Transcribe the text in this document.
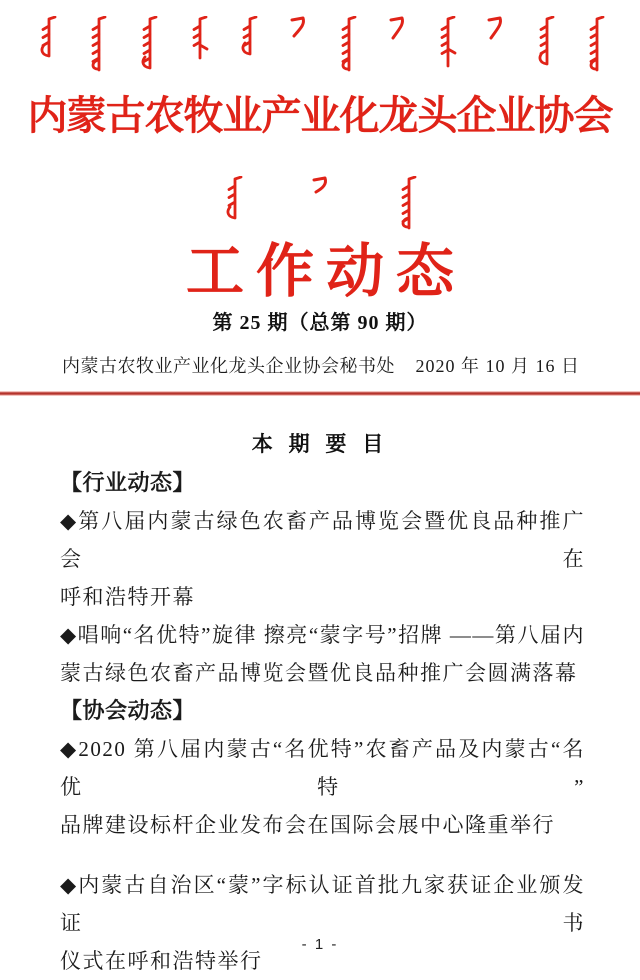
内蒙古农牧业产业化龙头企业协会
工作动态
第 25 期（总第 90 期）
内蒙古农牧业产业化龙头企业协会秘书处 2020 年 10 月 16 日
本 期 要 目
【行业动态】
◆第八届内蒙古绿色农畜产品博览会暨优良品种推广会在
呼和浩特开幕
◆唱响“名优特”旋律 擦亮“蒙字号”招牌 ——第八届内
蒙古绿色农畜产品博览会暨优良品种推广会圆满落幕
【协会动态】
◆2020 第八届内蒙古“名优特”农畜产品及内蒙古“名优特”
品牌建设标杆企业发布会在国际会展中心隆重举行
◆内蒙古自治区“蒙”字标认证首批九家获证企业颁发证书
仪式在呼和浩特举行
- 1 -
